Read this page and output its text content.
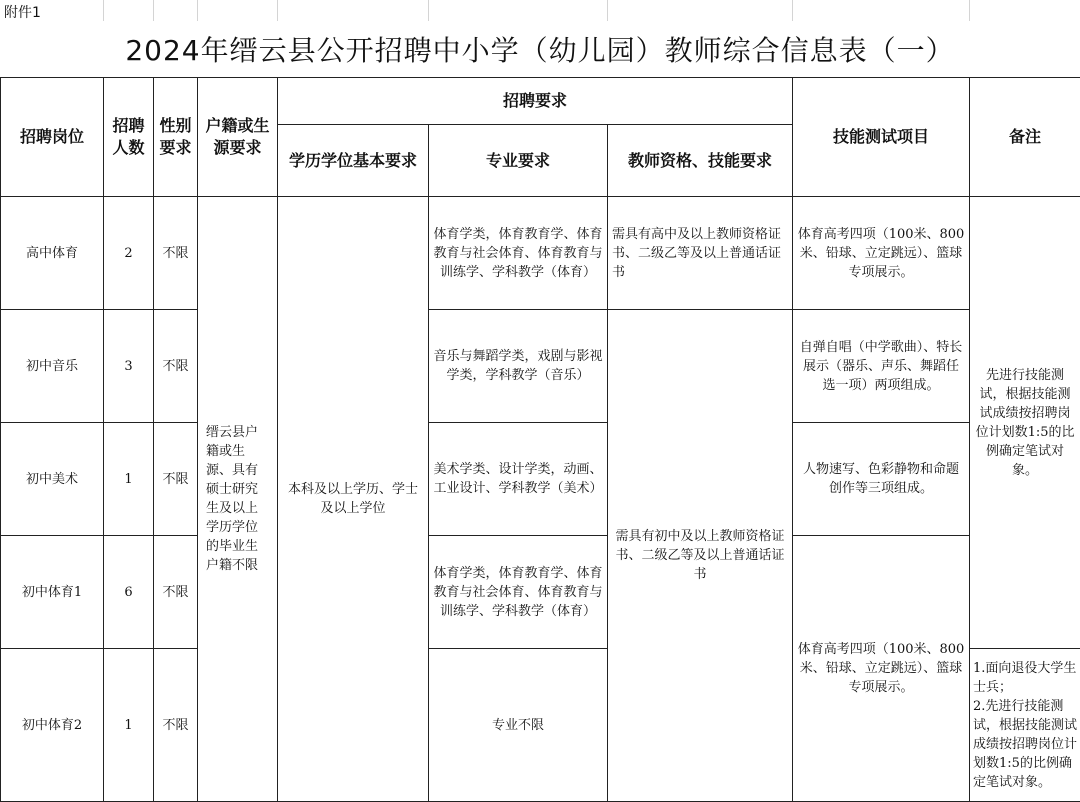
附件1
2024年缙云县公开招聘中小学（幼儿园）教师综合信息表（一）
招聘岗位	招聘人数	性别要求	户籍或生源要求	招聘要求			技能测试项目	备注
				学历学位基本要求	专业要求	教师资格、技能要求		
高中体育	2	不限	缙云县户籍或生源、具有硕士研究生及以上学历学位的毕业生户籍不限	本科及以上学历、学士及以上学位	体育学类，体育教育学、体育教育与社会体育、体育教育与训练学、学科教学（体育）	需具有高中及以上教师资格证书、二级乙等及以上普通话证书	体育高考四项（100米、800米、铅球、立定跳远）、篮球专项展示。	先进行技能测试，根据技能测试成绩按招聘岗位计划数1:5的比例确定笔试对象。
初中音乐	3	不限			音乐与舞蹈学类，戏剧与影视学类，学科教学（音乐）	需具有初中及以上教师资格证书、二级乙等及以上普通话证书	自弹自唱（中学歌曲）、特长展示（器乐、声乐、舞蹈任选一项）两项组成。	
初中美术	1	不限			美术学类、设计学类，动画、工业设计、学科教学（美术）		人物速写、色彩静物和命题创作等三项组成。	
初中体育1	6	不限			体育学类，体育教育学、体育教育与社会体育、体育教育与训练学、学科教学（体育）		体育高考四项（100米、800米、铅球、立定跳远）、篮球专项展示。	
初中体育2	1	不限			专业不限			1.面向退役大学生士兵；
2.先进行技能测试，根据技能测试成绩按招聘岗位计划数1:5的比例确定笔试对象。
